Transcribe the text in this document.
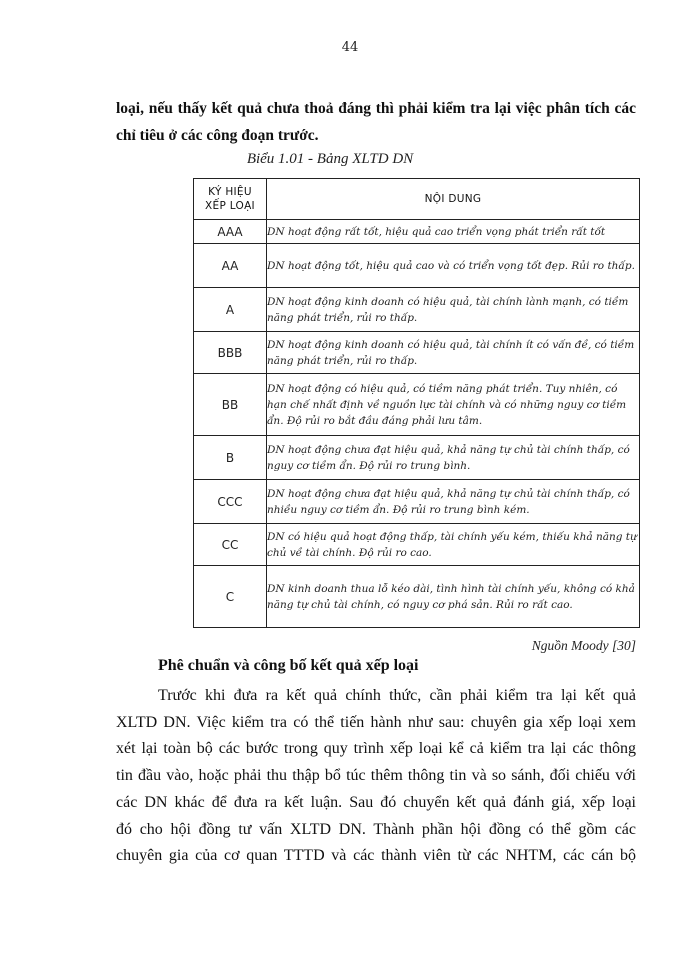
44
loại, nếu thấy kết quả chưa thoả đáng thì phải kiểm tra lại việc phân tích các
chỉ tiêu ở các công đoạn trước.
Biểu 1.01 - Bảng XLTD DN
KÝ HIỆU
XẾP LOẠI	NỘI DUNG
AAA	DN hoạt động rất tốt, hiệu quả cao triển vọng phát triển rất tốt
AA	DN hoạt động tốt, hiệu quả cao và có triển vọng tốt đẹp. Rủi ro thấp.
A	DN hoạt động kinh doanh có hiệu quả, tài chính lành mạnh, có tiềm năng phát triển, rủi ro thấp.
BBB	DN hoạt động kinh doanh có hiệu quả, tài chính ít có vấn đề, có tiềm năng phát triển, rủi ro thấp.
BB	DN hoạt động có hiệu quả, có tiềm năng phát triển. Tuy nhiên, có hạn chế nhất định về nguồn lực tài chính và có những nguy cơ tiềm ẩn. Độ rủi ro bắt đầu đáng phải lưu tâm.
B	DN hoạt động chưa đạt hiệu quả, khả năng tự chủ tài chính thấp, có nguy cơ tiềm ẩn. Độ rủi ro trung bình.
CCC	DN hoạt động chưa đạt hiệu quả, khả năng tự chủ tài chính thấp, có nhiều nguy cơ tiềm ẩn. Độ rủi ro trung bình kém.
CC	DN có hiệu quả hoạt động thấp, tài chính yếu kém, thiếu khả năng tự chủ về tài chính. Độ rủi ro cao.
C	DN kinh doanh thua lỗ kéo dài, tình hình tài chính yếu, không có khả năng tự chủ tài chính, có nguy cơ phá sản. Rủi ro rất cao.
Nguồn Moody [30]
Phê chuẩn và công bố kết quả xếp loại
Trước khi đưa ra kết quả chính thức, cần phải kiểm tra lại kết quả
XLTD DN. Việc kiểm tra có thể tiến hành như sau: chuyên gia xếp loại xem
xét lại toàn bộ các bước trong quy trình xếp loại kể cả kiểm tra lại các thông
tin đầu vào, hoặc phải thu thập bổ túc thêm thông tin và so sánh, đối chiếu với
các DN khác để đưa ra kết luận. Sau đó chuyển kết quả đánh giá, xếp loại
đó cho hội đồng tư vấn XLTD DN. Thành phần hội đồng có thể gồm các
chuyên gia của cơ quan TTTD và các thành viên từ các NHTM, các cán bộ
